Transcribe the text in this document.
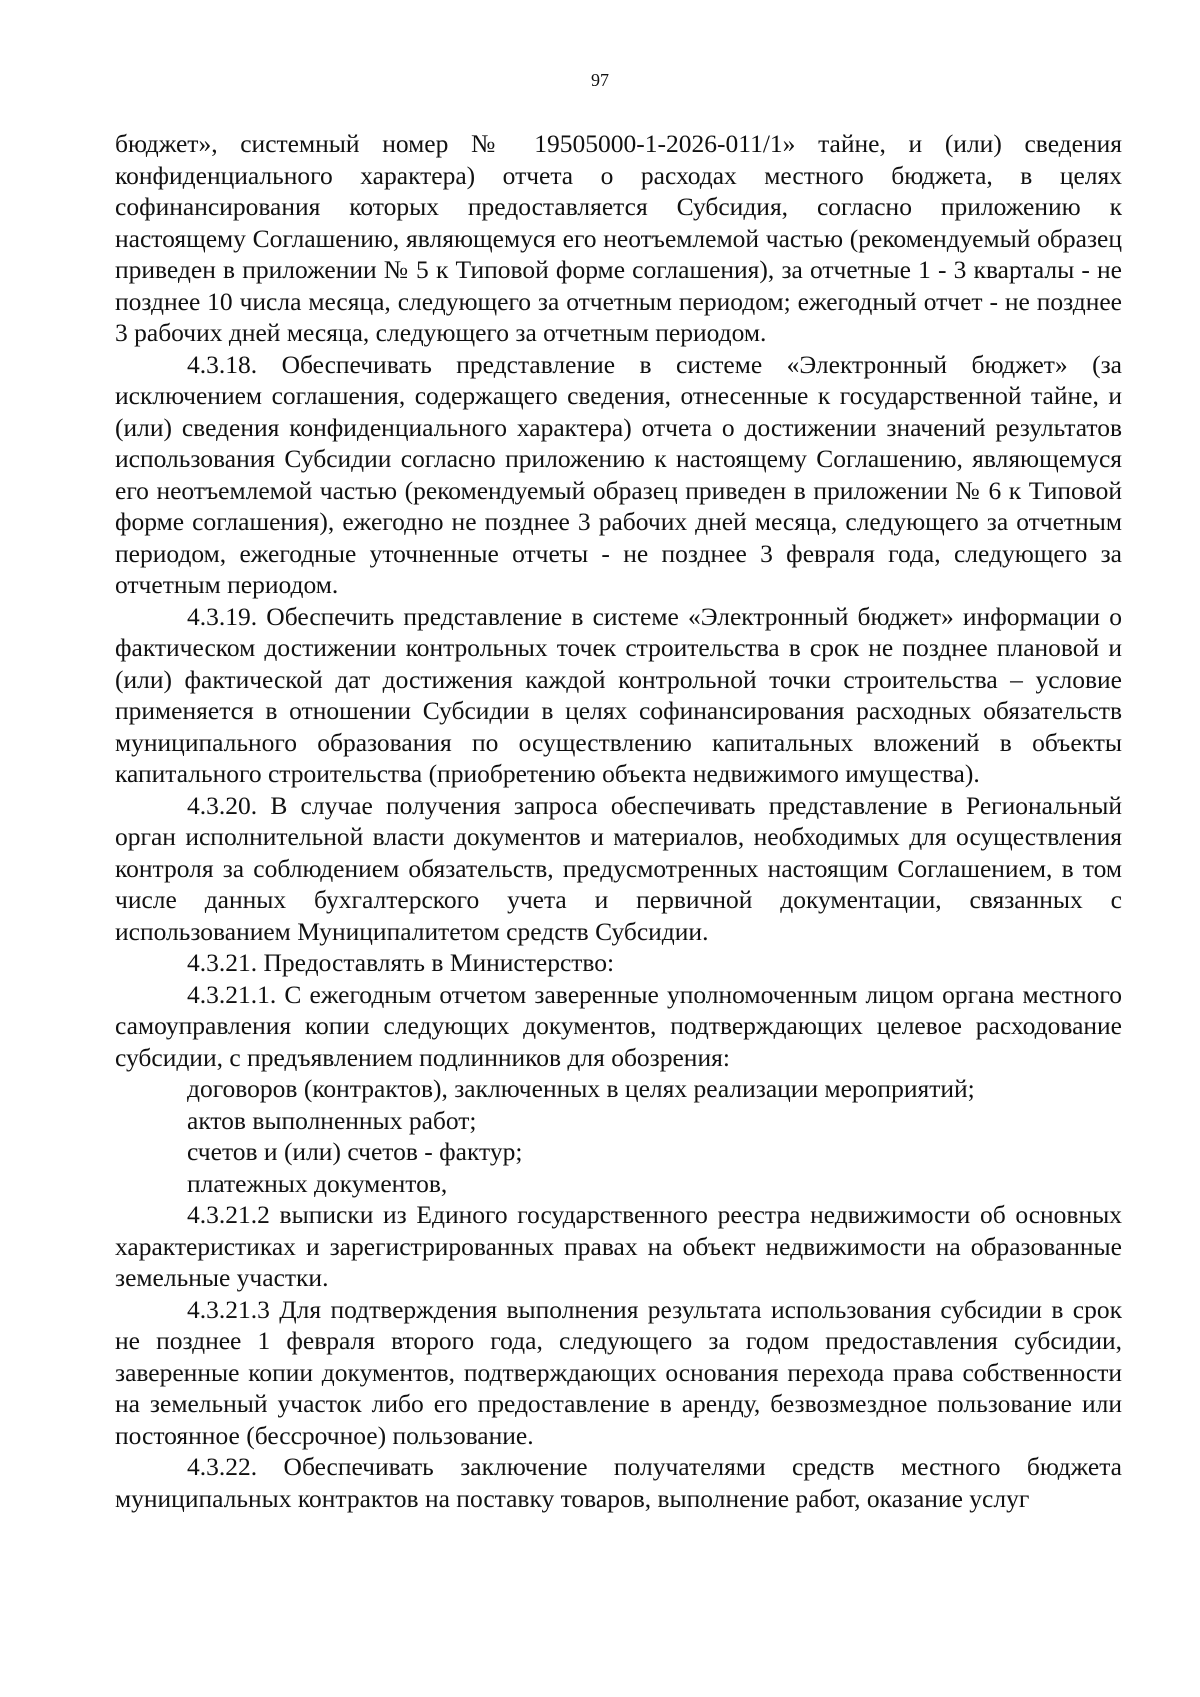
97

бюджет», системный номер № 19505000-1-2026-011/1» тайне, и (или) сведения конфиденциального характера) отчета о расходах местного бюджета, в целях софинансирования которых предоставляется Субсидия, согласно приложению к настоящему Соглашению, являющемуся его неотъемлемой частью (рекомендуемый образец приведен в приложении № 5 к Типовой форме соглашения), за отчетные 1 - 3 кварталы - не позднее 10 числа месяца, следующего за отчетным периодом; ежегодный отчет - не позднее 3 рабочих дней месяца, следующего за отчетным периодом.

4.3.18. Обеспечивать представление в системе «Электронный бюджет» (за исключением соглашения, содержащего сведения, отнесенные к государственной тайне, и (или) сведения конфиденциального характера) отчета о достижении значений результатов использования Субсидии согласно приложению к настоящему Соглашению, являющемуся его неотъемлемой частью (рекомендуемый образец приведен в приложении № 6 к Типовой форме соглашения), ежегодно не позднее 3 рабочих дней месяца, следующего за отчетным периодом, ежегодные уточненные отчеты - не позднее 3 февраля года, следующего за отчетным периодом.

4.3.19. Обеспечить представление в системе «Электронный бюджет» информации о фактическом достижении контрольных точек строительства в срок не позднее плановой и (или) фактической дат достижения каждой контрольной точки строительства – условие применяется в отношении Субсидии в целях софинансирования расходных обязательств муниципального образования по осуществлению капитальных вложений в объекты капитального строительства (приобретению объекта недвижимого имущества).

4.3.20. В случае получения запроса обеспечивать представление в Региональный орган исполнительной власти документов и материалов, необходимых для осуществления контроля за соблюдением обязательств, предусмотренных настоящим Соглашением, в том числе данных бухгалтерского учета и первичной документации, связанных с использованием Муниципалитетом средств Субсидии.

4.3.21. Предоставлять в Министерство:

4.3.21.1. С ежегодным отчетом заверенные уполномоченным лицом органа местного самоуправления копии следующих документов, подтверждающих целевое расходование субсидии, с предъявлением подлинников для обозрения:

договоров (контрактов), заключенных в целях реализации мероприятий;

актов выполненных работ;

счетов и (или) счетов - фактур;

платежных документов,

4.3.21.2 выписки из Единого государственного реестра недвижимости об основных характеристиках и зарегистрированных правах на объект недвижимости на образованные земельные участки.

4.3.21.3 Для подтверждения выполнения результата использования субсидии в срок не позднее 1 февраля второго года, следующего за годом предоставления субсидии, заверенные копии документов, подтверждающих основания перехода права собственности на земельный участок либо его предоставление в аренду, безвозмездное пользование или постоянное (бессрочное) пользование.

4.3.22. Обеспечивать заключение получателями средств местного бюджета муниципальных контрактов на поставку товаров, выполнение работ, оказание услуг
